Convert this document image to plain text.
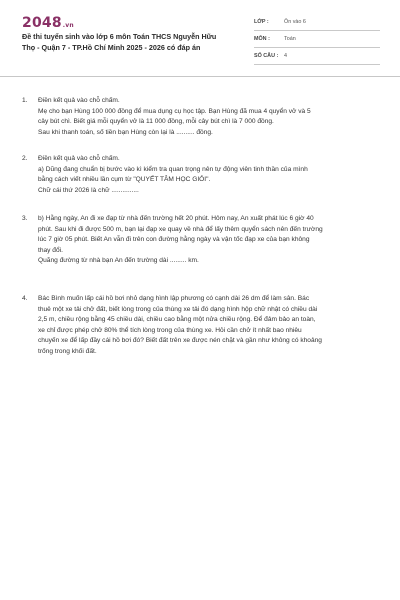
2048.vn
Đề thi tuyển sinh vào lớp 6 môn Toán THCS Nguyễn Hữu
Thọ - Quận 7 - TP.Hồ Chí Minh 2025 - 2026 có đáp án
LỚP :	Ôn vào 6
MÔN :	Toán
SỐ CÂU : 4
1. Điền kết quả vào chỗ chấm.
Mẹ cho bạn Hùng 100 000 đồng để mua dụng cụ học tập. Bạn Hùng đã mua 4 quyển vở và 5
cây bút chì. Biết giá mỗi quyển vở là 11 000 đồng, mỗi cây bút chì là 7 000 đồng.
Sau khi thanh toán, số tiền bạn Hùng còn lại là .......... đồng.
2. Điền kết quả vào chỗ chấm.
a) Dũng đang chuẩn bị bước vào kì kiểm tra quan trọng nên tự động viên tinh thần của mình
bằng cách viết nhiều lần cụm từ "QUYẾT TÂM HỌC GIỎI".
Chữ cái thứ 2026 là chữ ...............
3. b) Hằng ngày, An đi xe đạp từ nhà đến trường hết 20 phút. Hôm nay, An xuất phát lúc 6 giờ 40
phút. Sau khi đi được 500 m, bạn lại đạp xe quay về nhà để lấy thêm quyển sách nên đến trường
lúc 7 giờ 05 phút. Biết An vẫn đi trên con đường hằng ngày và vận tốc đạp xe của bạn không
thay đổi.
Quãng đường từ nhà bạn An đến trường dài ......... km.
4. Bác Bình muốn lấp cái hồ bơi nhỏ dạng hình lập phương có cạnh dài 26 dm để làm sân. Bác
thuê một xe tải chở đất, biết lòng trong của thùng xe tải đó dạng hình hộp chữ nhật có chiều dài
2,5 m, chiều rộng bằng 45 chiều dài, chiều cao bằng một nửa chiều rộng. Để đảm bảo an toàn,
xe chỉ được phép chở 80% thể tích lòng trong của thùng xe. Hỏi cần chở ít nhất bao nhiêu
chuyến xe để lấp đầy cái hồ bơi đó? Biết đất trên xe được nén chặt và gần như không có khoảng
trống trong khối đất.
